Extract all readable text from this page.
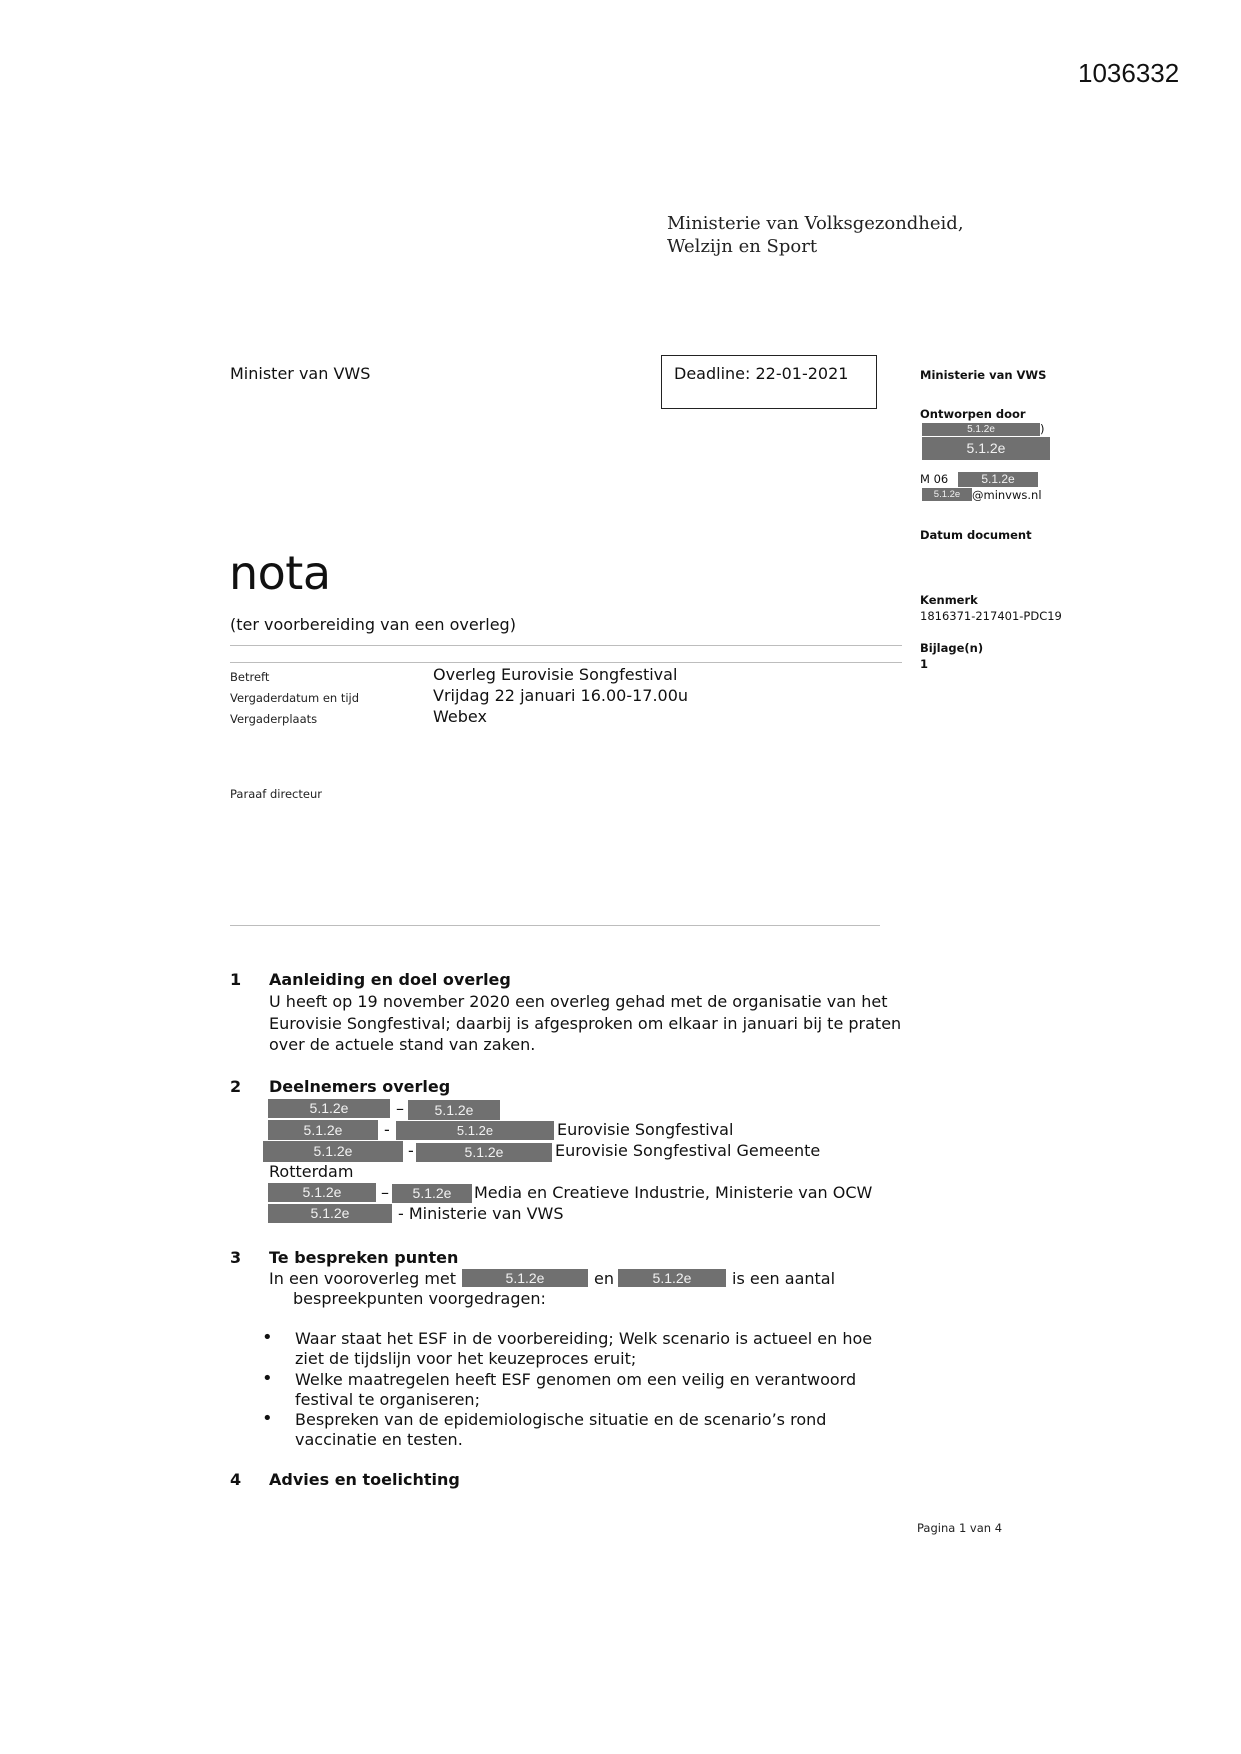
1036332
Ministerie van Volksgezondheid, Welzijn en Sport
Minister van VWS	Deadline: 22-01-2021	Ministerie van VWS
Ontworpen door
5.1.2e	)
5.1.2e
M 06	5.1.2e
5.1.2e	@minvws.nl
Datum document
Kenmerk
1816371-217401-PDC19
Bijlage(n)
1
nota
(ter voorbereiding van een overleg)
Betreft	Overleg Eurovisie Songfestival
Vergaderdatum en tijd	Vrijdag 22 januari 16.00-17.00u
Vergaderplaats	Webex
Paraaf directeur
1 Aanleiding en doel overleg
U heeft op 19 november 2020 een overleg gehad met de organisatie van het Eurovisie Songfestival; daarbij is afgesproken om elkaar in januari bij te praten over de actuele stand van zaken.
2 Deelnemers overleg
5.1.2e	–	5.1.2e
5.1.2e	-	5.1.2e	Eurovisie Songfestival
5.1.2e	-	5.1.2e	Eurovisie Songfestival Gemeente
Rotterdam
5.1.2e	–	5.1.2e	Media en Creatieve Industrie, Ministerie van OCW
5.1.2e	- Ministerie van VWS
3 Te bespreken punten
In een vooroverleg met	5.1.2e	en	5.1.2e	is een aantal
bespreekpunten voorgedragen:
• Waar staat het ESF in de voorbereiding; Welk scenario is actueel en hoe ziet de tijdslijn voor het keuzeproces eruit;
• Welke maatregelen heeft ESF genomen om een veilig en verantwoord festival te organiseren;
• Bespreken van de epidemiologische situatie en de scenario’s rond vaccinatie en testen.
4 Advies en toelichting
Pagina 1 van 4
